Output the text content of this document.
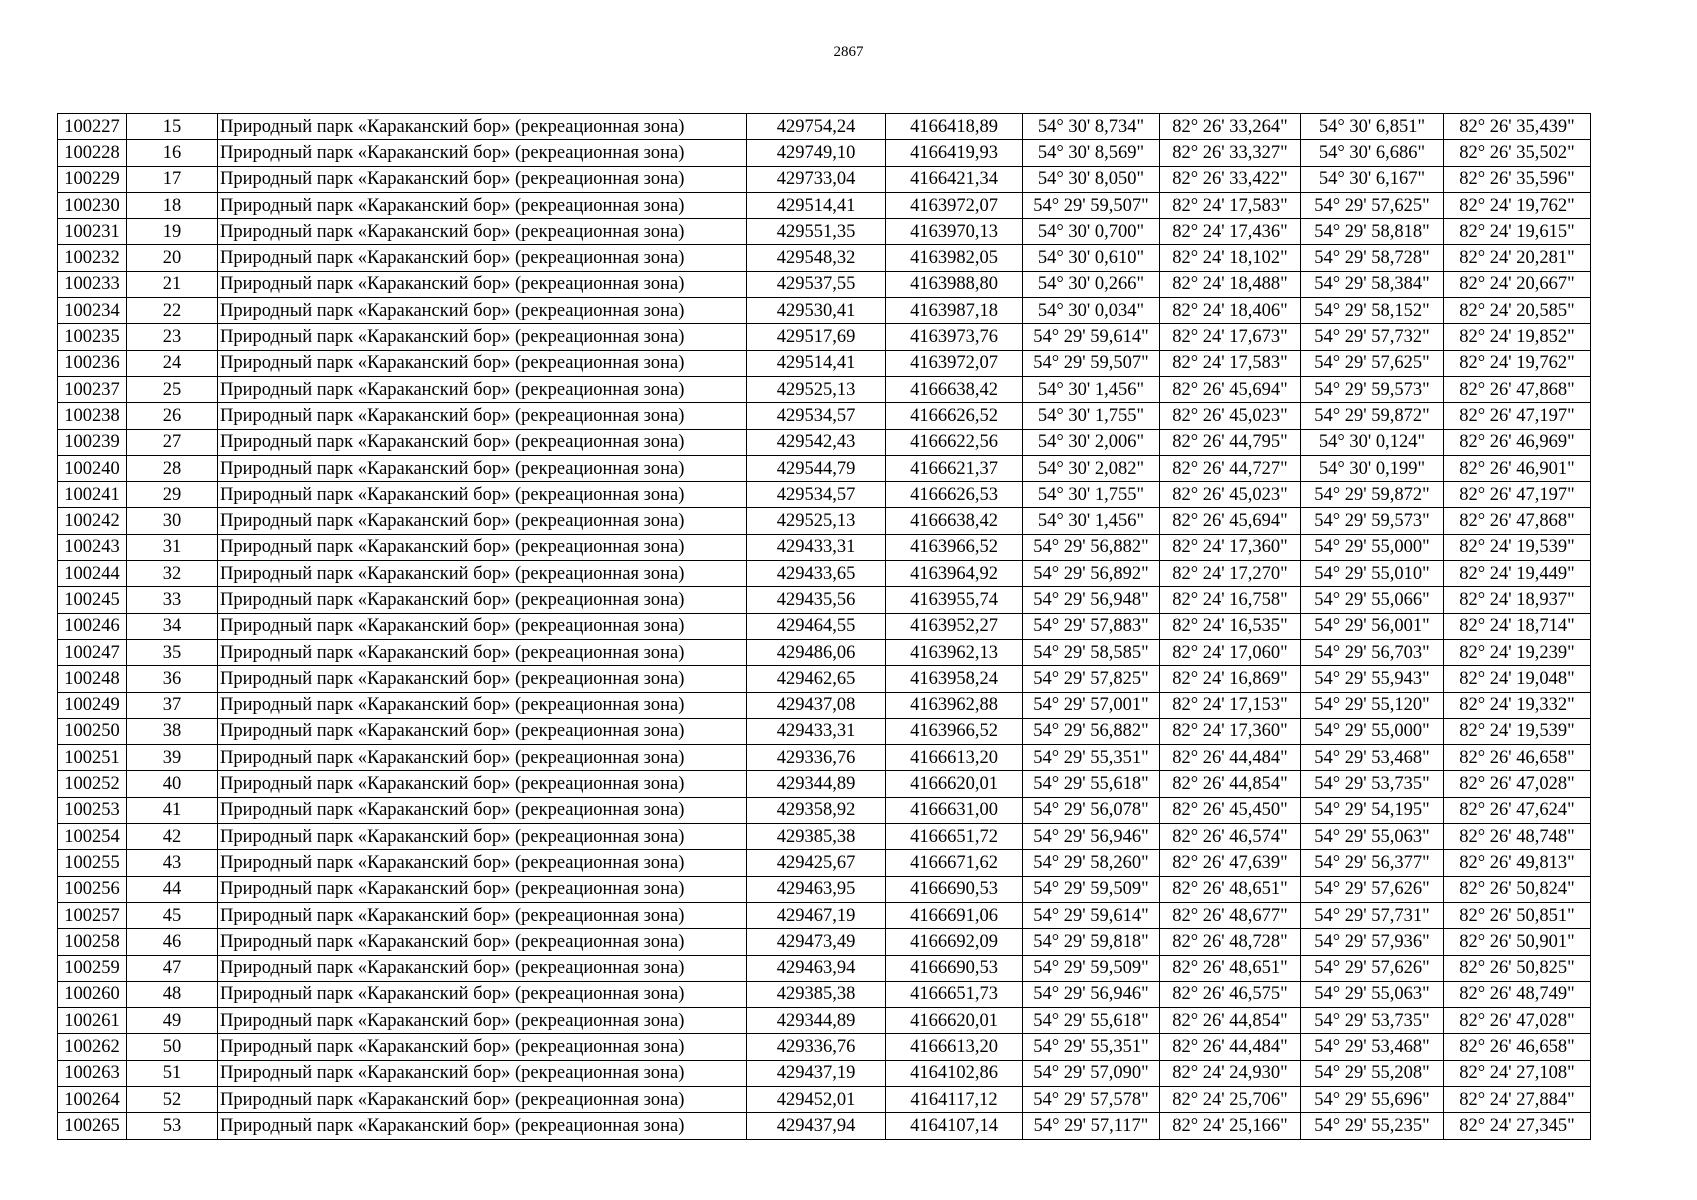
2867
100227	15	Природный парк «Караканский бор» (рекреационная зона)	429754,24	4166418,89	54° 30' 8,734"	82° 26' 33,264"	54° 30' 6,851"	82° 26' 35,439"
100228	16	Природный парк «Караканский бор» (рекреационная зона)	429749,10	4166419,93	54° 30' 8,569"	82° 26' 33,327"	54° 30' 6,686"	82° 26' 35,502"
100229	17	Природный парк «Караканский бор» (рекреационная зона)	429733,04	4166421,34	54° 30' 8,050"	82° 26' 33,422"	54° 30' 6,167"	82° 26' 35,596"
100230	18	Природный парк «Караканский бор» (рекреационная зона)	429514,41	4163972,07	54° 29' 59,507"	82° 24' 17,583"	54° 29' 57,625"	82° 24' 19,762"
100231	19	Природный парк «Караканский бор» (рекреационная зона)	429551,35	4163970,13	54° 30' 0,700"	82° 24' 17,436"	54° 29' 58,818"	82° 24' 19,615"
100232	20	Природный парк «Караканский бор» (рекреационная зона)	429548,32	4163982,05	54° 30' 0,610"	82° 24' 18,102"	54° 29' 58,728"	82° 24' 20,281"
100233	21	Природный парк «Караканский бор» (рекреационная зона)	429537,55	4163988,80	54° 30' 0,266"	82° 24' 18,488"	54° 29' 58,384"	82° 24' 20,667"
100234	22	Природный парк «Караканский бор» (рекреационная зона)	429530,41	4163987,18	54° 30' 0,034"	82° 24' 18,406"	54° 29' 58,152"	82° 24' 20,585"
100235	23	Природный парк «Караканский бор» (рекреационная зона)	429517,69	4163973,76	54° 29' 59,614"	82° 24' 17,673"	54° 29' 57,732"	82° 24' 19,852"
100236	24	Природный парк «Караканский бор» (рекреационная зона)	429514,41	4163972,07	54° 29' 59,507"	82° 24' 17,583"	54° 29' 57,625"	82° 24' 19,762"
100237	25	Природный парк «Караканский бор» (рекреационная зона)	429525,13	4166638,42	54° 30' 1,456"	82° 26' 45,694"	54° 29' 59,573"	82° 26' 47,868"
100238	26	Природный парк «Караканский бор» (рекреационная зона)	429534,57	4166626,52	54° 30' 1,755"	82° 26' 45,023"	54° 29' 59,872"	82° 26' 47,197"
100239	27	Природный парк «Караканский бор» (рекреационная зона)	429542,43	4166622,56	54° 30' 2,006"	82° 26' 44,795"	54° 30' 0,124"	82° 26' 46,969"
100240	28	Природный парк «Караканский бор» (рекреационная зона)	429544,79	4166621,37	54° 30' 2,082"	82° 26' 44,727"	54° 30' 0,199"	82° 26' 46,901"
100241	29	Природный парк «Караканский бор» (рекреационная зона)	429534,57	4166626,53	54° 30' 1,755"	82° 26' 45,023"	54° 29' 59,872"	82° 26' 47,197"
100242	30	Природный парк «Караканский бор» (рекреационная зона)	429525,13	4166638,42	54° 30' 1,456"	82° 26' 45,694"	54° 29' 59,573"	82° 26' 47,868"
100243	31	Природный парк «Караканский бор» (рекреационная зона)	429433,31	4163966,52	54° 29' 56,882"	82° 24' 17,360"	54° 29' 55,000"	82° 24' 19,539"
100244	32	Природный парк «Караканский бор» (рекреационная зона)	429433,65	4163964,92	54° 29' 56,892"	82° 24' 17,270"	54° 29' 55,010"	82° 24' 19,449"
100245	33	Природный парк «Караканский бор» (рекреационная зона)	429435,56	4163955,74	54° 29' 56,948"	82° 24' 16,758"	54° 29' 55,066"	82° 24' 18,937"
100246	34	Природный парк «Караканский бор» (рекреационная зона)	429464,55	4163952,27	54° 29' 57,883"	82° 24' 16,535"	54° 29' 56,001"	82° 24' 18,714"
100247	35	Природный парк «Караканский бор» (рекреационная зона)	429486,06	4163962,13	54° 29' 58,585"	82° 24' 17,060"	54° 29' 56,703"	82° 24' 19,239"
100248	36	Природный парк «Караканский бор» (рекреационная зона)	429462,65	4163958,24	54° 29' 57,825"	82° 24' 16,869"	54° 29' 55,943"	82° 24' 19,048"
100249	37	Природный парк «Караканский бор» (рекреационная зона)	429437,08	4163962,88	54° 29' 57,001"	82° 24' 17,153"	54° 29' 55,120"	82° 24' 19,332"
100250	38	Природный парк «Караканский бор» (рекреационная зона)	429433,31	4163966,52	54° 29' 56,882"	82° 24' 17,360"	54° 29' 55,000"	82° 24' 19,539"
100251	39	Природный парк «Караканский бор» (рекреационная зона)	429336,76	4166613,20	54° 29' 55,351"	82° 26' 44,484"	54° 29' 53,468"	82° 26' 46,658"
100252	40	Природный парк «Караканский бор» (рекреационная зона)	429344,89	4166620,01	54° 29' 55,618"	82° 26' 44,854"	54° 29' 53,735"	82° 26' 47,028"
100253	41	Природный парк «Караканский бор» (рекреационная зона)	429358,92	4166631,00	54° 29' 56,078"	82° 26' 45,450"	54° 29' 54,195"	82° 26' 47,624"
100254	42	Природный парк «Караканский бор» (рекреационная зона)	429385,38	4166651,72	54° 29' 56,946"	82° 26' 46,574"	54° 29' 55,063"	82° 26' 48,748"
100255	43	Природный парк «Караканский бор» (рекреационная зона)	429425,67	4166671,62	54° 29' 58,260"	82° 26' 47,639"	54° 29' 56,377"	82° 26' 49,813"
100256	44	Природный парк «Караканский бор» (рекреационная зона)	429463,95	4166690,53	54° 29' 59,509"	82° 26' 48,651"	54° 29' 57,626"	82° 26' 50,824"
100257	45	Природный парк «Караканский бор» (рекреационная зона)	429467,19	4166691,06	54° 29' 59,614"	82° 26' 48,677"	54° 29' 57,731"	82° 26' 50,851"
100258	46	Природный парк «Караканский бор» (рекреационная зона)	429473,49	4166692,09	54° 29' 59,818"	82° 26' 48,728"	54° 29' 57,936"	82° 26' 50,901"
100259	47	Природный парк «Караканский бор» (рекреационная зона)	429463,94	4166690,53	54° 29' 59,509"	82° 26' 48,651"	54° 29' 57,626"	82° 26' 50,825"
100260	48	Природный парк «Караканский бор» (рекреационная зона)	429385,38	4166651,73	54° 29' 56,946"	82° 26' 46,575"	54° 29' 55,063"	82° 26' 48,749"
100261	49	Природный парк «Караканский бор» (рекреационная зона)	429344,89	4166620,01	54° 29' 55,618"	82° 26' 44,854"	54° 29' 53,735"	82° 26' 47,028"
100262	50	Природный парк «Караканский бор» (рекреационная зона)	429336,76	4166613,20	54° 29' 55,351"	82° 26' 44,484"	54° 29' 53,468"	82° 26' 46,658"
100263	51	Природный парк «Караканский бор» (рекреационная зона)	429437,19	4164102,86	54° 29' 57,090"	82° 24' 24,930"	54° 29' 55,208"	82° 24' 27,108"
100264	52	Природный парк «Караканский бор» (рекреационная зона)	429452,01	4164117,12	54° 29' 57,578"	82° 24' 25,706"	54° 29' 55,696"	82° 24' 27,884"
100265	53	Природный парк «Караканский бор» (рекреационная зона)	429437,94	4164107,14	54° 29' 57,117"	82° 24' 25,166"	54° 29' 55,235"	82° 24' 27,345"
